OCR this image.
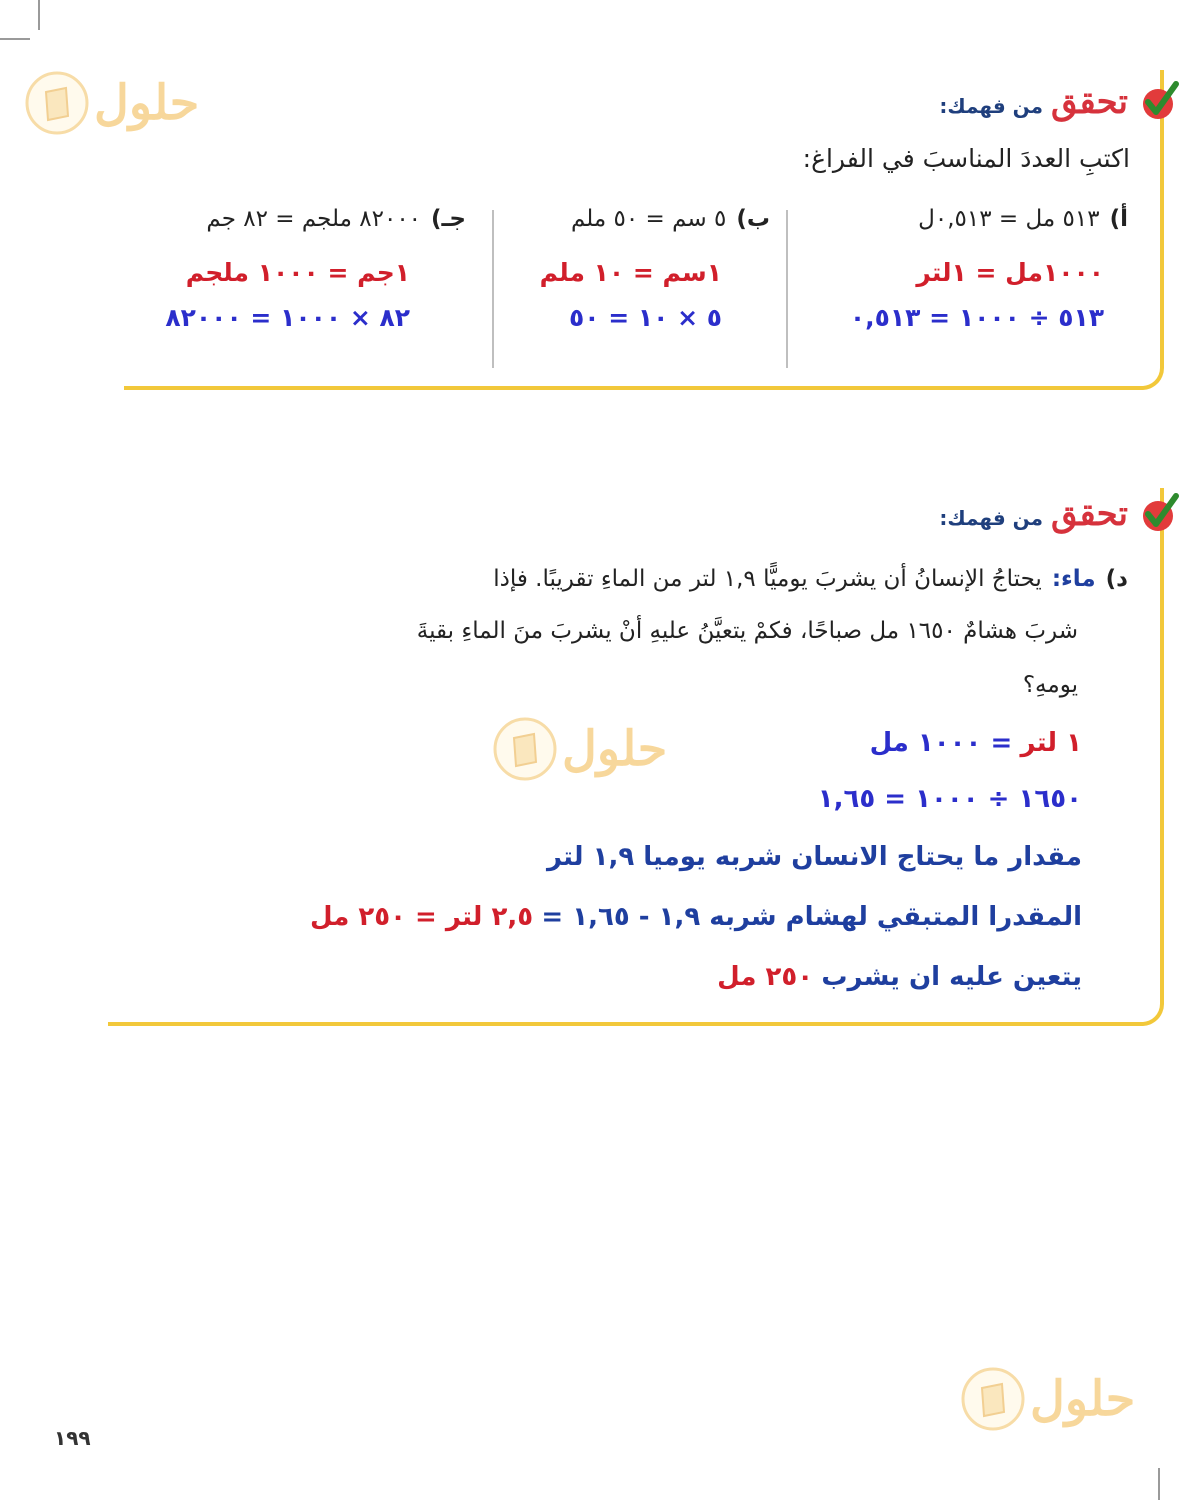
حلول
حلول
حلول
تحقق
من فهمك:
اكتبِ العددَ المناسبَ في الفراغ:
أ)
٥١٣ مل = ٠,٥١٣ل
١٠٠٠مل = ١لتر
٥١٣ ÷ ١٠٠٠ = ٠,٥١٣
ب)
٥ سم = ٥٠ ملم
١سم = ١٠ ملم
٥ × ١٠ = ٥٠
جـ)
٨٢٠٠٠ ملجم = ٨٢ جم
١جم = ١٠٠٠ ملجم
٨٢ × ١٠٠٠ = ٨٢٠٠٠
تحقق
من فهمك:
د)
ماء:
يحتاجُ الإنسانُ أن يشربَ يوميًّا ١,٩ لتر من الماءِ تقريبًا. فإذا
شربَ هشامٌ ١٦٥٠ مل صباحًا، فكمْ يتعيَّنُ عليهِ أنْ يشربَ منَ الماءِ بقيةَ
يومهِ؟
١ لتر = ١٠٠٠ مل
١٦٥٠ ÷ ١٠٠٠ = ١,٦٥
مقدار ما يحتاج الانسان شربه يوميا ١,٩ لتر
المقدرا المتبقي لهشام شربه ١,٩ - ١,٦٥ = ٢,٥ لتر = ٢٥٠ مل
يتعين عليه ان يشرب ٢٥٠ مل
١٩٩
